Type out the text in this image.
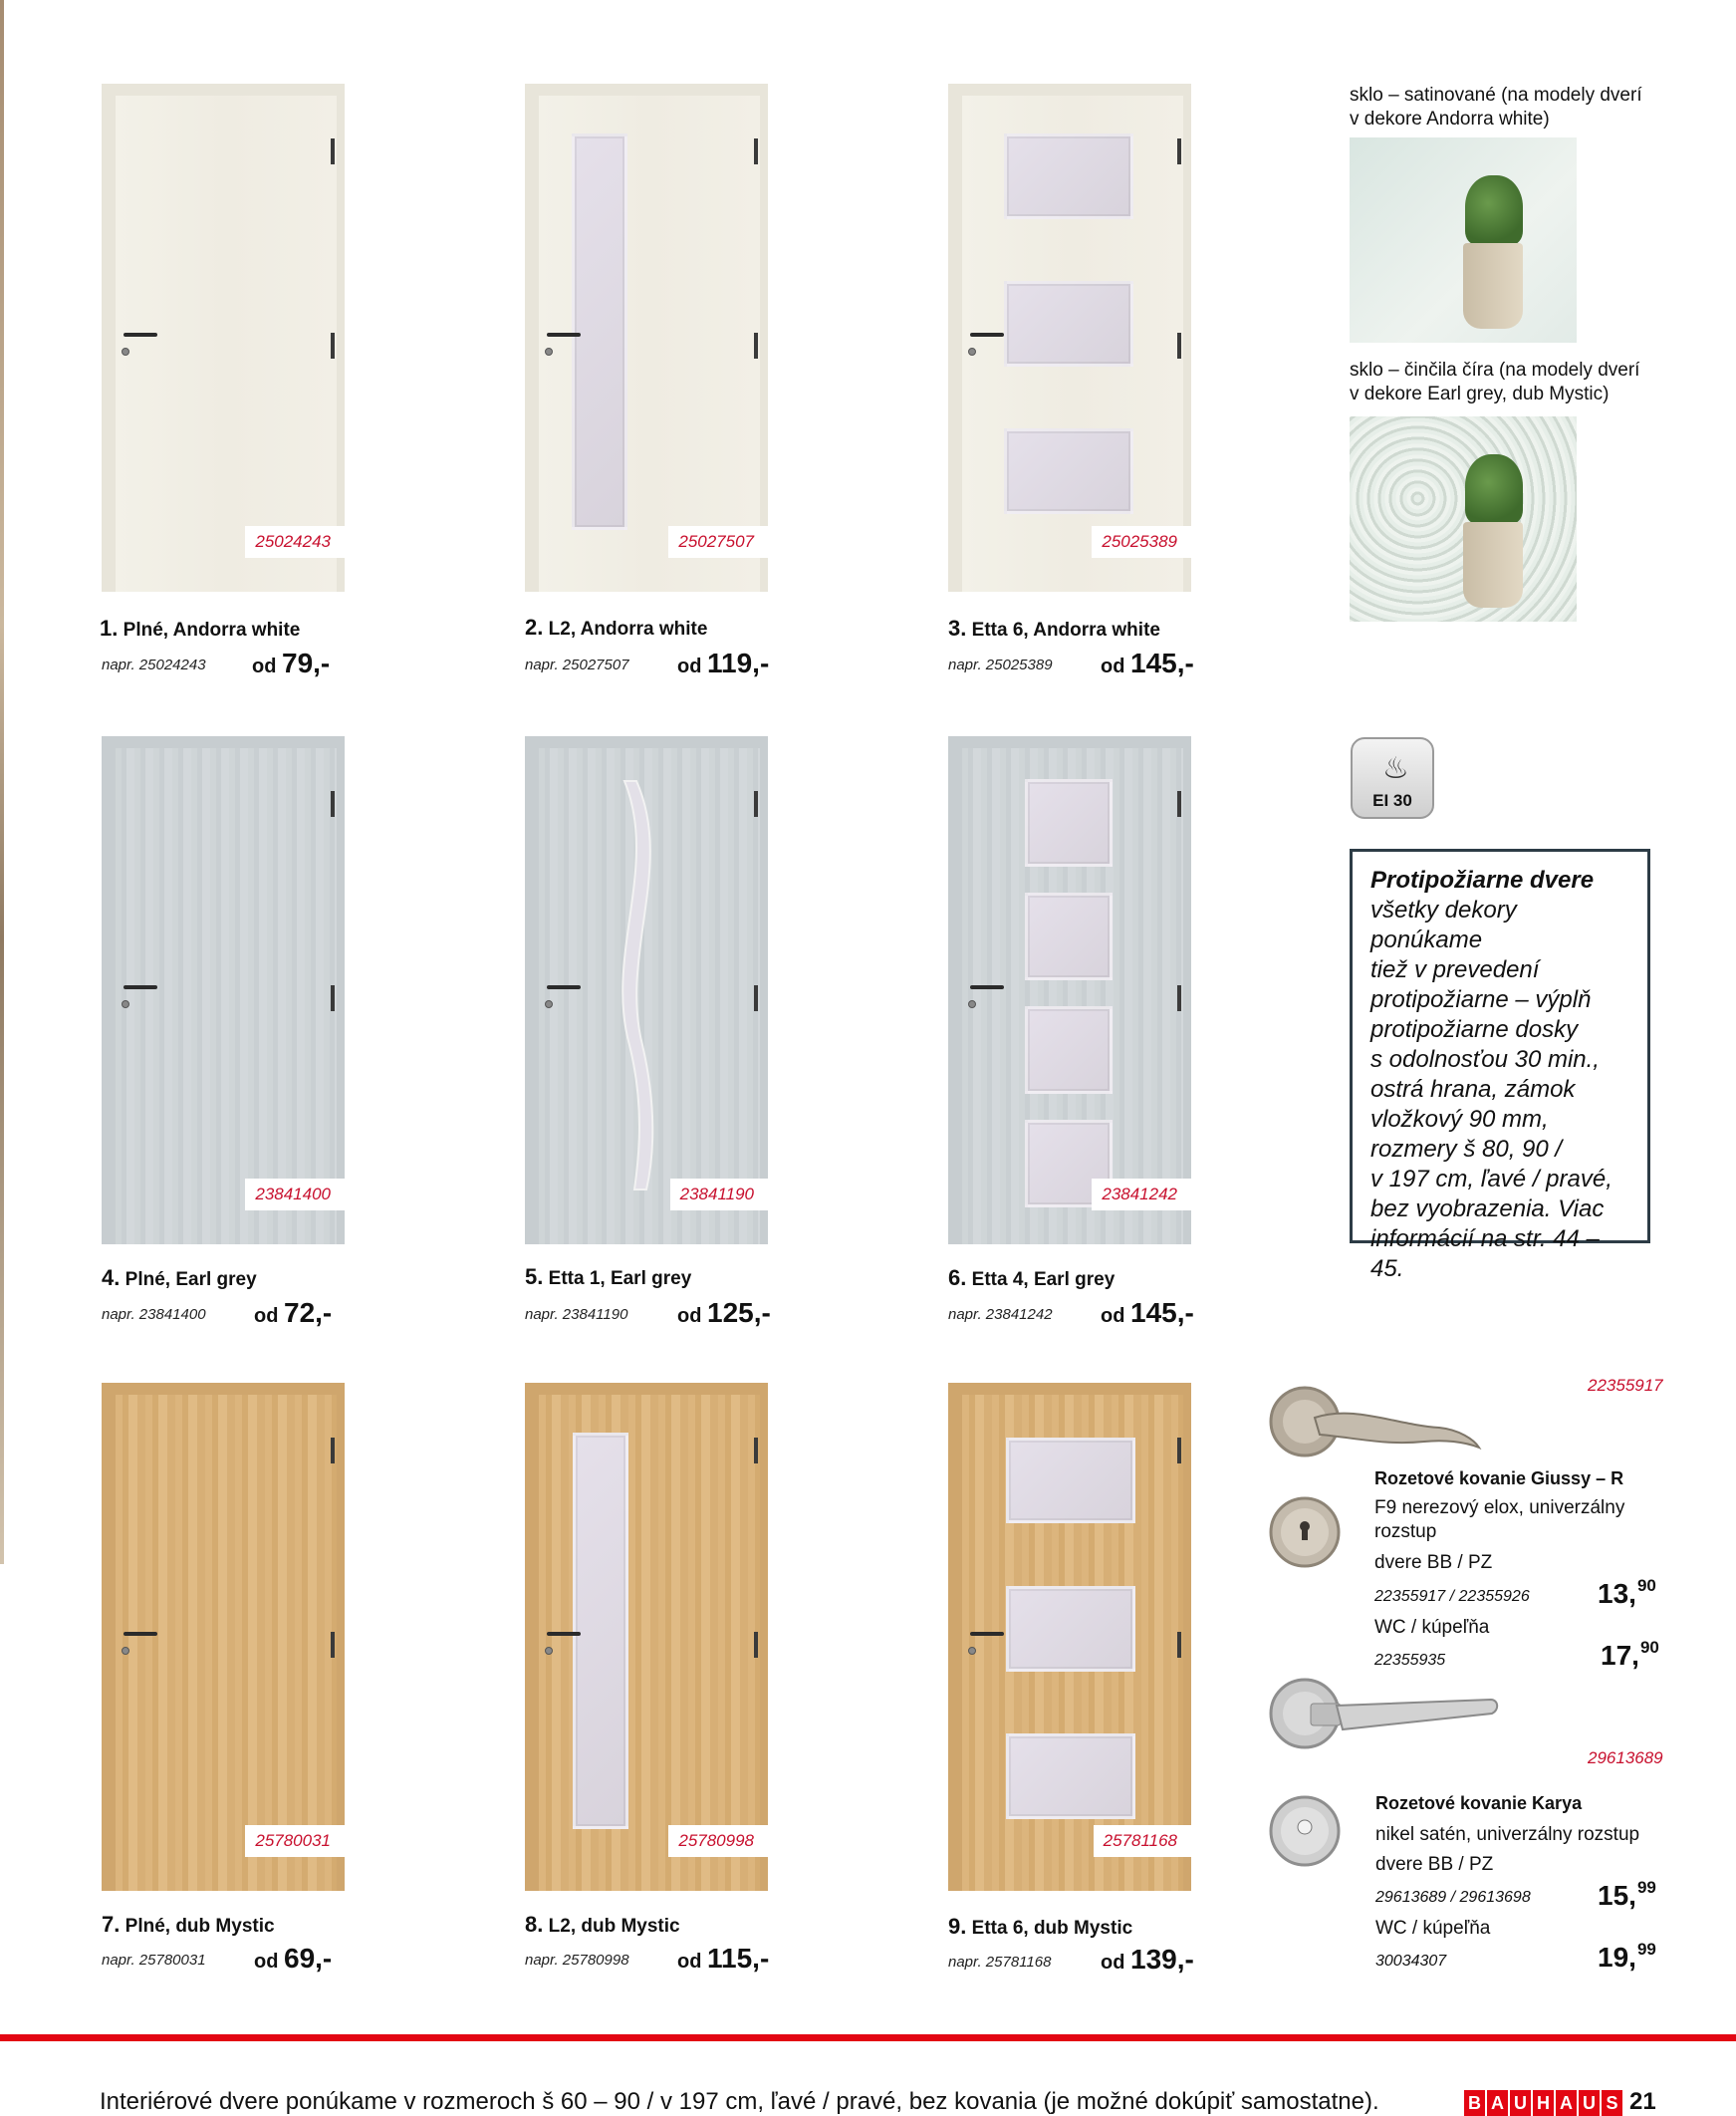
25024243	25027507	25025389
1. Plné, Andorra white
napr. 25024243 od 79,-
2. L2, Andorra white
napr. 25027507 od 119,-
3. Etta 6, Andorra white
napr. 25025389 od 145,-
sklo – satinované (na modely dverí
v dekore Andorra white)
sklo – činčila číra (na modely dverí
v dekore Earl grey, dub Mystic)
23841400	23841190	23841242
4. Plné, Earl grey
napr. 23841400 od 72,-
5. Etta 1, Earl grey
napr. 23841190 od 125,-
6. Etta 4, Earl grey
napr. 23841242 od 145,-
♨
EI 30
Protipožiarne dvere
všetky dekory ponúkame
tiež v prevedení
protipožiarne – výplň
protipožiarne dosky
s odolnosťou 30 min.,
ostrá hrana, zámok
vložkový 90 mm,
rozmery š 80, 90 /
v 197 cm, ľavé / pravé,
bez vyobrazenia. Viac
informácií na str. 44 – 45.
25780031	25780998	25781168
7. Plné, dub Mystic
napr. 25780031 od 69,-
8. L2, dub Mystic
napr. 25780998 od 115,-
9. Etta 6, dub Mystic
napr. 25781168 od 139,-
22355917
Rozetové kovanie Giussy – R
F9 nerezový elox, univerzálny
rozstup
dvere BB / PZ
22355917 / 22355926 13,90
WC / kúpeľňa
22355935	17,90
29613689
Rozetové kovanie Karya
nikel satén, univerzálny rozstup
dvere BB / PZ
29613689 / 29613698 15,99
WC / kúpeľňa
30034307	19,99
Interiérové dvere ponúkame v rozmeroch š 60 – 90 / v 197 cm, ľavé / pravé, bez kovania (je možné dokúpiť samostatne).	B A U H A U S 21
